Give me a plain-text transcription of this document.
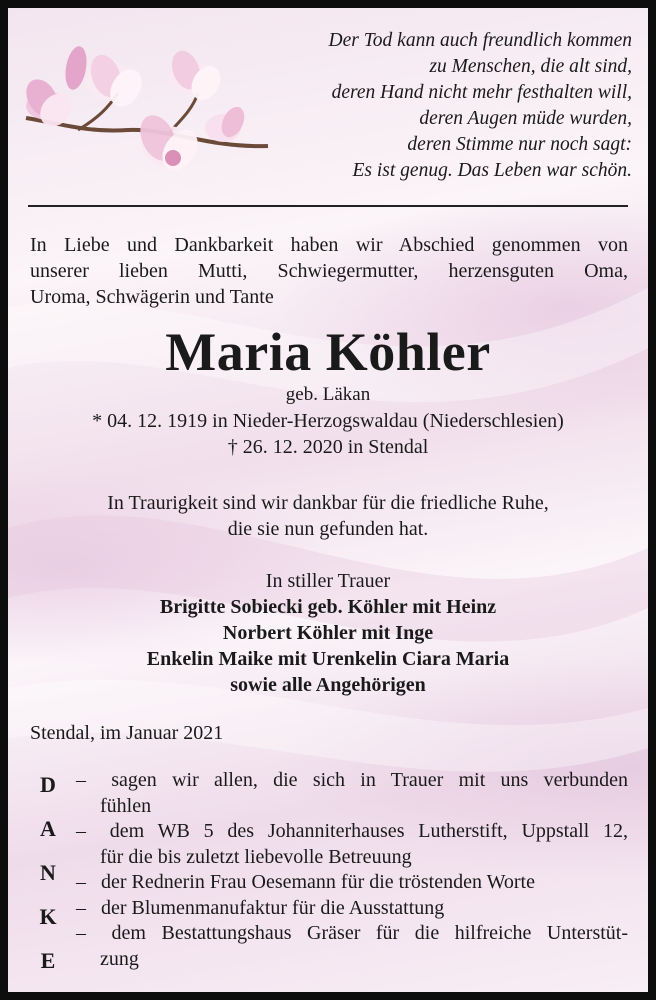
Der Tod kann auch freundlich kommen
zu Menschen, die alt sind,
deren Hand nicht mehr festhalten will,
deren Augen müde wurden,
deren Stimme nur noch sagt:
Es ist genug. Das Leben war schön.
In Liebe und Dankbarkeit haben wir Abschied genommen von
unserer lieben Mutti, Schwiegermutter, herzensguten Oma,
Uroma, Schwägerin und Tante
Maria Köhler
geb. Läkan
* 04. 12. 1919 in Nieder-Herzogswaldau (Niederschlesien)
† 26. 12. 2020 in Stendal
In Traurigkeit sind wir dankbar für die friedliche Ruhe,
die sie nun gefunden hat.
In stiller Trauer
Brigitte Sobiecki geb. Köhler mit Heinz
Norbert Köhler mit Inge
Enkelin Maike mit Urenkelin Ciara Maria
sowie alle Angehörigen
Stendal, im Januar 2021
D
A
N
K
E
– sagen wir allen, die sich in Trauer mit uns verbunden
fühlen
– dem WB 5 des Johanniterhauses Lutherstift, Uppstall 12,
für die bis zuletzt liebevolle Betreuung
– der Rednerin Frau Oesemann für die tröstenden Worte
– der Blumenmanufaktur für die Ausstattung
– dem Bestattungshaus Gräser für die hilfreiche Unterstüt-
zung
